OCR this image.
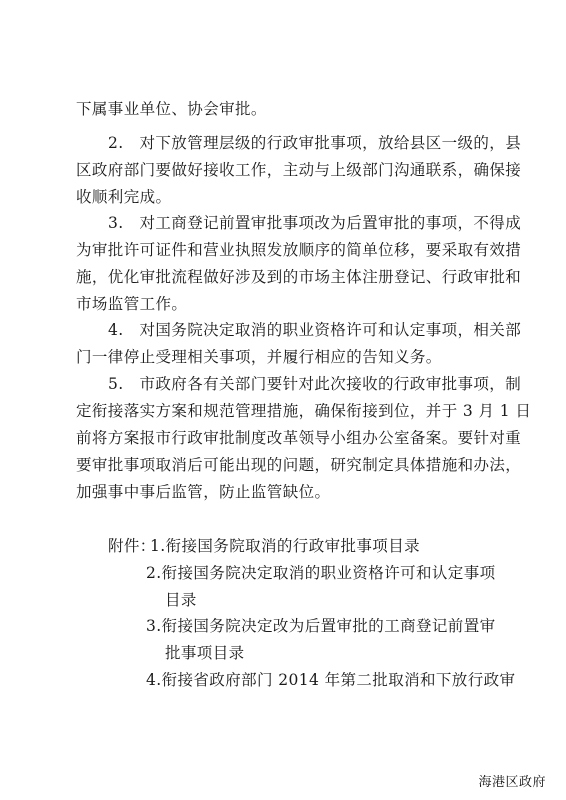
下属事业单位、协会审批。
2.　对下放管理层级的行政审批事项，放给县区一级的，县
区政府部门要做好接收工作，主动与上级部门沟通联系，确保接
收顺利完成。
3.　对工商登记前置审批事项改为后置审批的事项，不得成
为审批许可证件和营业执照发放顺序的简单位移，要采取有效措
施，优化审批流程做好涉及到的市场主体注册登记、行政审批和
市场监管工作。
4.　对国务院决定取消的职业资格许可和认定事项，相关部
门一律停止受理相关事项，并履行相应的告知义务。
5.　市政府各有关部门要针对此次接收的行政审批事项，制
定衔接落实方案和规范管理措施，确保衔接到位，并于 3 月 1 日
前将方案报市行政审批制度改革领导小组办公室备案。要针对重
要审批事项取消后可能出现的问题，研究制定具体措施和办法，
加强事中事后监管，防止监管缺位。
附件：
1.衔接国务院取消的行政审批事项目录
2.衔接国务院决定取消的职业资格许可和认定事项
目录
3.衔接国务院决定改为后置审批的工商登记前置审
批事项目录
4.衔接省政府部门 2014 年第二批取消和下放行政审
海港区政府
